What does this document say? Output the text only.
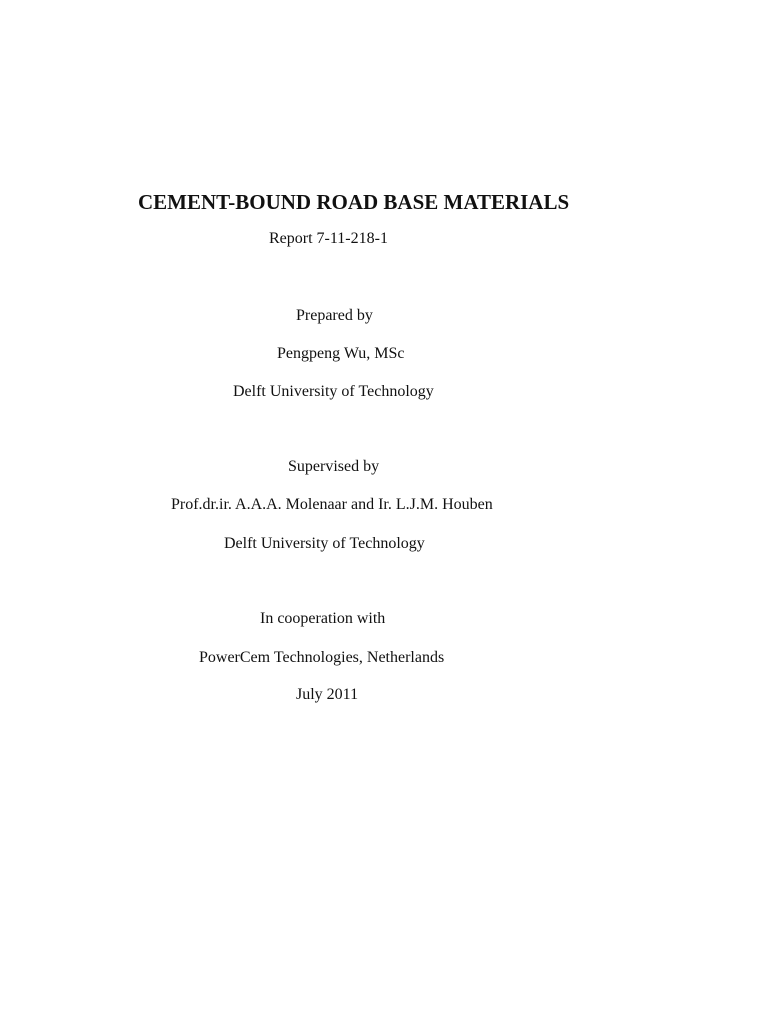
CEMENT-BOUND ROAD BASE MATERIALS
Report 7-11-218-1
Prepared by
Pengpeng Wu, MSc
Delft University of Technology
Supervised by
Prof.dr.ir. A.A.A. Molenaar and Ir. L.J.M. Houben
Delft University of Technology
In cooperation with
PowerCem Technologies, Netherlands
July 2011
